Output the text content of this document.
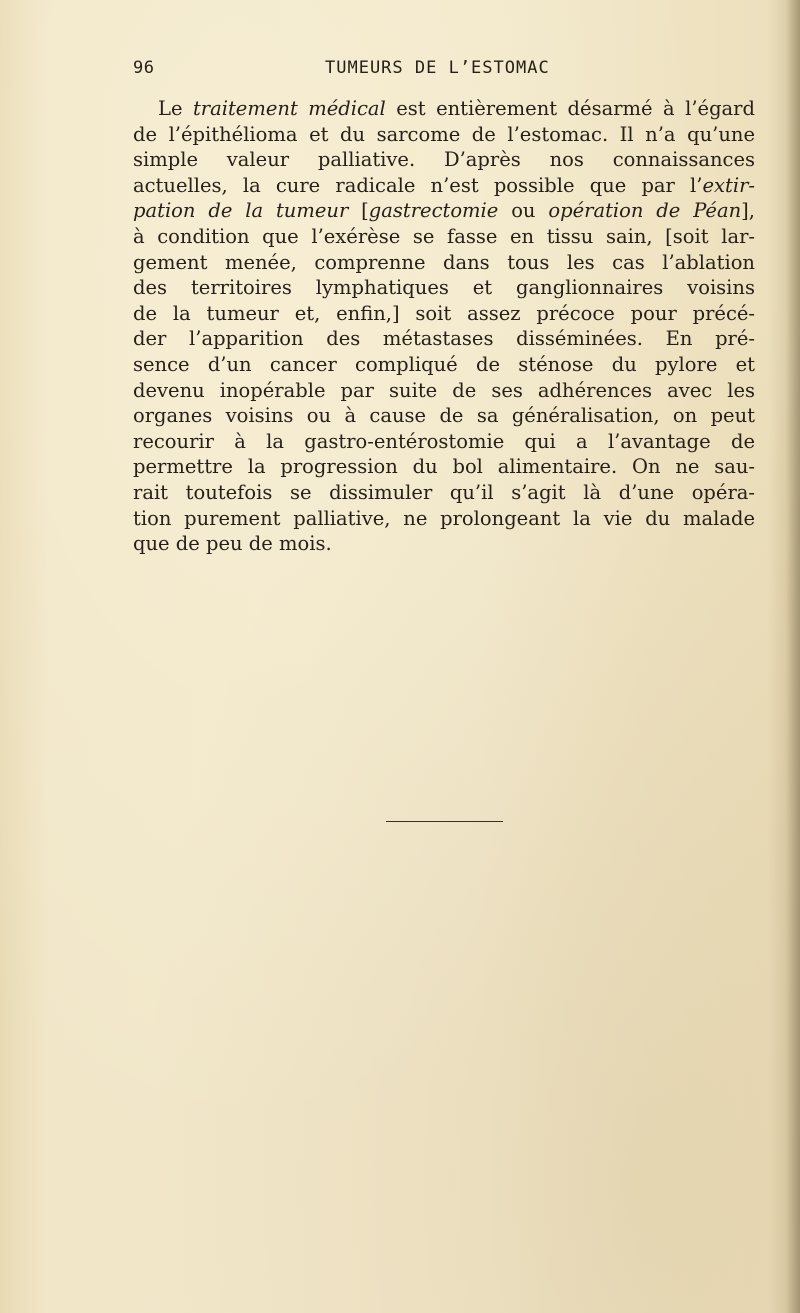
96	TUMEURS DE L’ESTOMAC
Le traitement médical est entièrement désarmé à l’égard
de l’épithélioma et du sarcome de l’estomac. Il n’a qu’une
simple valeur palliative. D’après nos connaissances
actuelles, la cure radicale n’est possible que par l’extir-
pation de la tumeur [gastrectomie ou opération de Péan],
à condition que l’exérèse se fasse en tissu sain, [soit lar-
gement menée, comprenne dans tous les cas l’ablation
des territoires lymphatiques et ganglionnaires voisins
de la tumeur et, enfin,] soit assez précoce pour précé-
der l’apparition des métastases disséminées. En pré-
sence d’un cancer compliqué de sténose du pylore et
devenu inopérable par suite de ses adhérences avec les
organes voisins ou à cause de sa généralisation, on peut
recourir à la gastro-entérostomie qui a l’avantage de
permettre la progression du bol alimentaire. On ne sau-
rait toutefois se dissimuler qu’il s’agit là d’une opéra-
tion purement palliative, ne prolongeant la vie du malade
que de peu de mois.
